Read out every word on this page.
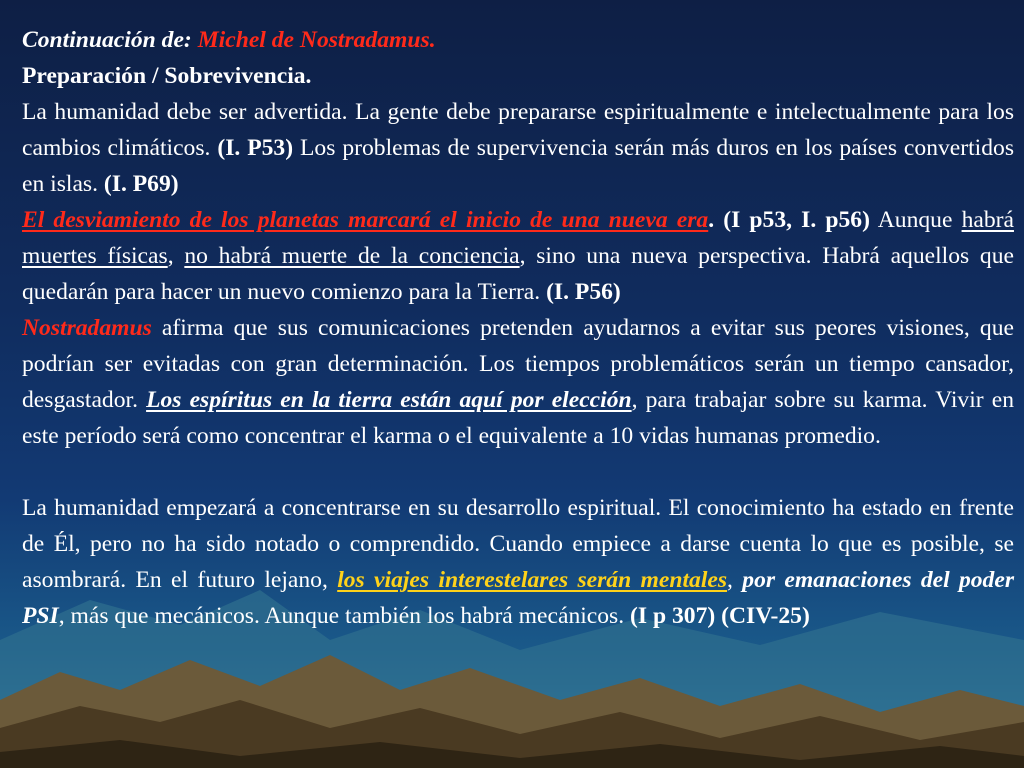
Continuación de: Michel de Nostradamus.

Preparación / Sobrevivencia.

La humanidad debe ser advertida. La gente debe prepararse espiritualmente e intelectualmente para los cambios climáticos. (I. P53) Los problemas de supervivencia serán más duros en los países convertidos en islas. (I. P69)

El desviamiento de los planetas marcará el inicio de una nueva era. (I p53, I. p56) Aunque habrá muertes físicas, no habrá muerte de la conciencia, sino una nueva perspectiva. Habrá aquellos que quedarán para hacer un nuevo comienzo para la Tierra. (I. P56)

Nostradamus afirma que sus comunicaciones pretenden ayudarnos a evitar sus peores visiones, que podrían ser evitadas con gran determinación. Los tiempos problemáticos serán un tiempo cansador, desgastador. Los espíritus en la tierra están aquí por elección, para trabajar sobre su karma. Vivir en este período será como concentrar el karma o el equivalente a 10 vidas humanas promedio.

La humanidad empezará a concentrarse en su desarrollo espiritual. El conocimiento ha estado en frente de Él, pero no ha sido notado o comprendido. Cuando empiece a darse cuenta lo que es posible, se asombrará. En el futuro lejano, los viajes interestelares serán mentales, por emanaciones del poder PSI, más que mecánicos. Aunque también los habrá mecánicos. (I p 307) (CIV-25)
